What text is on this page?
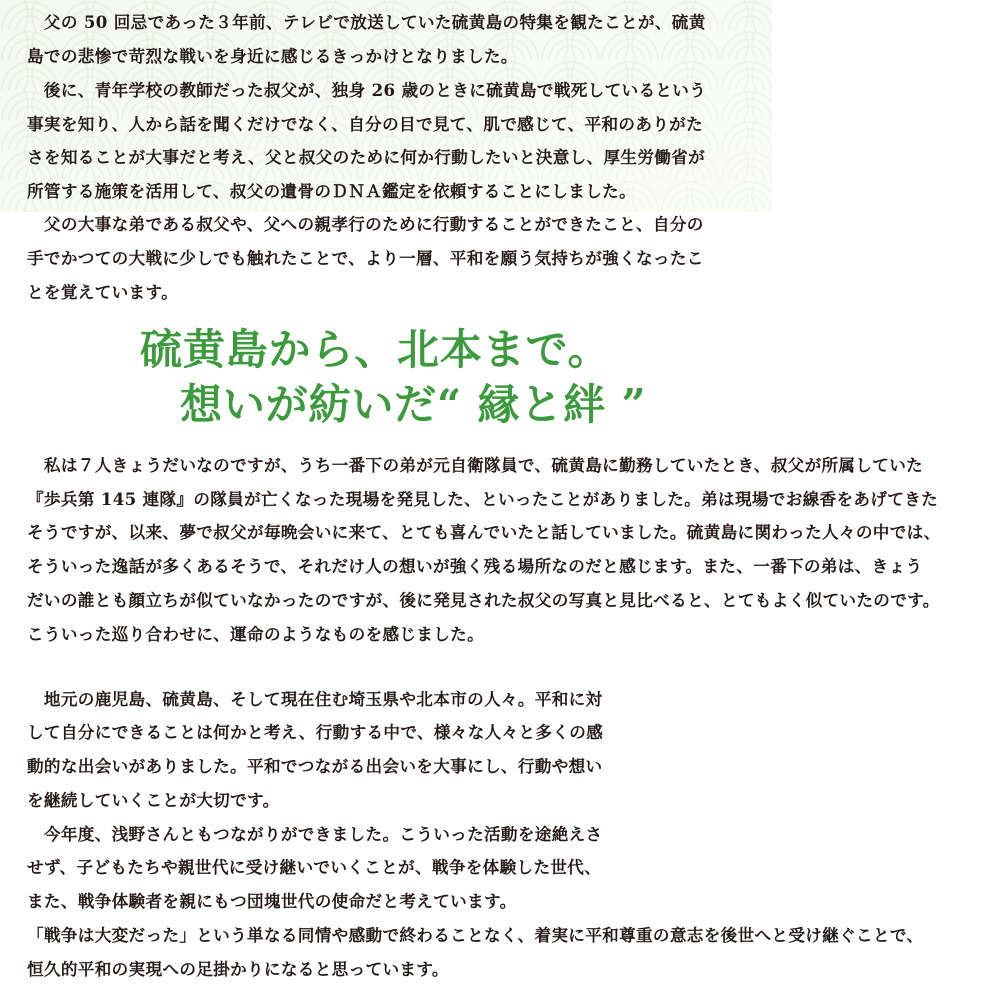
　父の 50 回忌であった３年前、テレビで放送していた硫黄島の特集を観たことが、硫黄
島での悲惨で苛烈な戦いを身近に感じるきっかけとなりました。
　後に、青年学校の教師だった叔父が、独身 26 歳のときに硫黄島で戦死しているという
事実を知り、人から話を聞くだけでなく、自分の目で見て、肌で感じて、平和のありがた
さを知ることが大事だと考え、父と叔父のために何か行動したいと決意し、厚生労働省が
所管する施策を活用して、叔父の遺骨のＤＮＡ鑑定を依頼することにしました。
　父の大事な弟である叔父や、父への親孝行のために行動することができたこと、自分の
手でかつての大戦に少しでも触れたことで、より一層、平和を願う気持ちが強くなったこ
とを覚えています。
硫黄島から、北本まで。
想いが紡いだ“ 縁と絆 ”
　私は７人きょうだいなのですが、うち一番下の弟が元自衛隊員で、硫黄島に勤務していたとき、叔父が所属していた
『歩兵第 145 連隊』の隊員が亡くなった現場を発見した、といったことがありました。弟は現場でお線香をあげてきた
そうですが、以来、夢で叔父が毎晩会いに来て、とても喜んでいたと話していました。硫黄島に関わった人々の中では、
そういった逸話が多くあるそうで、それだけ人の想いが強く残る場所なのだと感じます。また、一番下の弟は、きょう
だいの誰とも顔立ちが似ていなかったのですが、後に発見された叔父の写真と見比べると、とてもよく似ていたのです。
こういった巡り合わせに、運命のようなものを感じました。
　地元の鹿児島、硫黄島、そして現在住む埼玉県や北本市の人々。平和に対
して自分にできることは何かと考え、行動する中で、様々な人々と多くの感
動的な出会いがありました。平和でつながる出会いを大事にし、行動や想い
を継続していくことが大切です。
　今年度、浅野さんともつながりができました。こういった活動を途絶えさ
せず、子どもたちや親世代に受け継いでいくことが、戦争を体験した世代、
また、戦争体験者を親にもつ団塊世代の使命だと考えています。
「戦争は大変だった」という単なる同情や感動で終わることなく、着実に平和尊重の意志を後世へと受け継ぐことで、
恒久的平和の実現への足掛かりになると思っています。
